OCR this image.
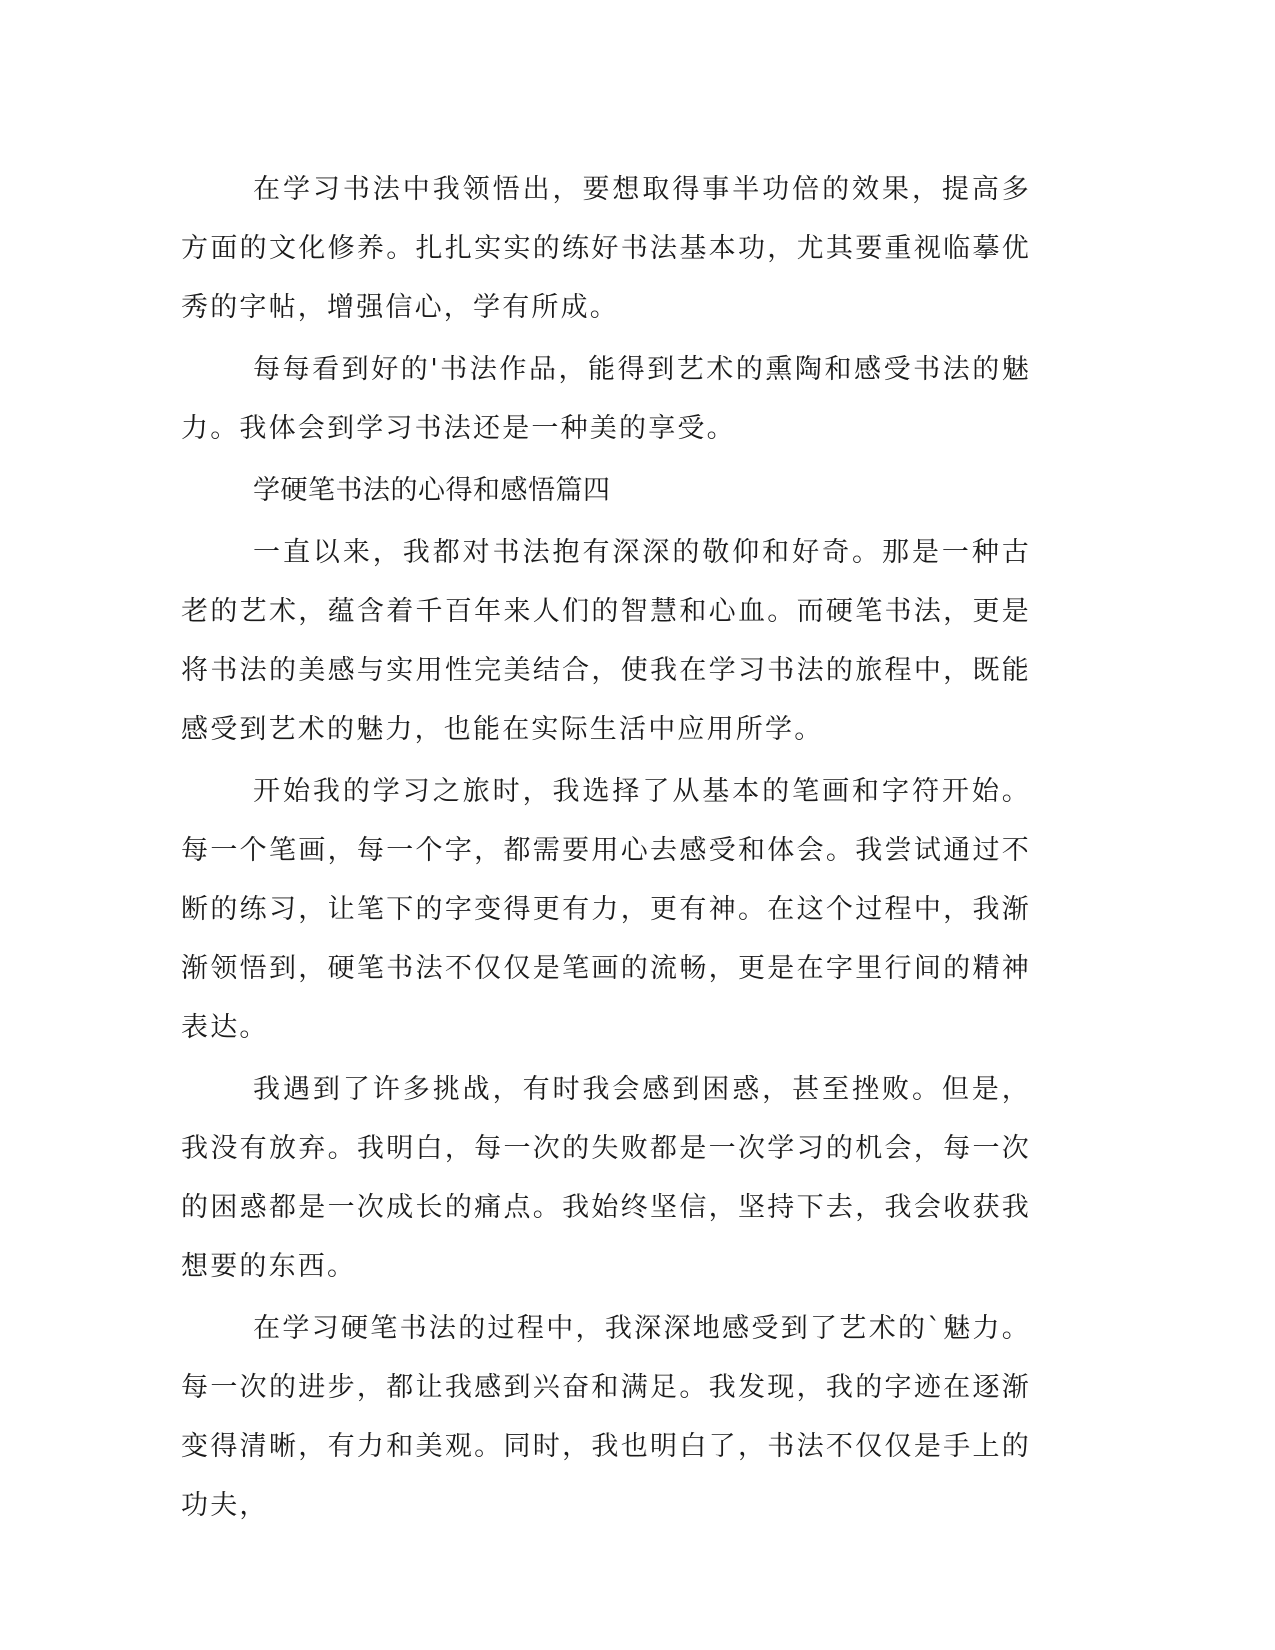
在学习书法中我领悟出，要想取得事半功倍的效果，提高多方面的文化修养。扎扎实实的练好书法基本功，尤其要重视临摹优秀的字帖，增强信心，学有所成。

每每看到好的'书法作品，能得到艺术的熏陶和感受书法的魅力。我体会到学习书法还是一种美的享受。

学硬笔书法的心得和感悟篇四

一直以来，我都对书法抱有深深的敬仰和好奇。那是一种古老的艺术，蕴含着千百年来人们的智慧和心血。而硬笔书法，更是将书法的美感与实用性完美结合，使我在学习书法的旅程中，既能感受到艺术的魅力，也能在实际生活中应用所学。

开始我的学习之旅时，我选择了从基本的笔画和字符开始。每一个笔画，每一个字，都需要用心去感受和体会。我尝试通过不断的练习，让笔下的字变得更有力，更有神。在这个过程中，我渐渐领悟到，硬笔书法不仅仅是笔画的流畅，更是在字里行间的精神表达。

我遇到了许多挑战，有时我会感到困惑，甚至挫败。但是，我没有放弃。我明白，每一次的失败都是一次学习的机会，每一次的困惑都是一次成长的痛点。我始终坚信，坚持下去，我会收获我想要的东西。

在学习硬笔书法的过程中，我深深地感受到了艺术的`魅力。每一次的进步，都让我感到兴奋和满足。我发现，我的字迹在逐渐变得清晰，有力和美观。同时，我也明白了，书法不仅仅是手上的功夫，
